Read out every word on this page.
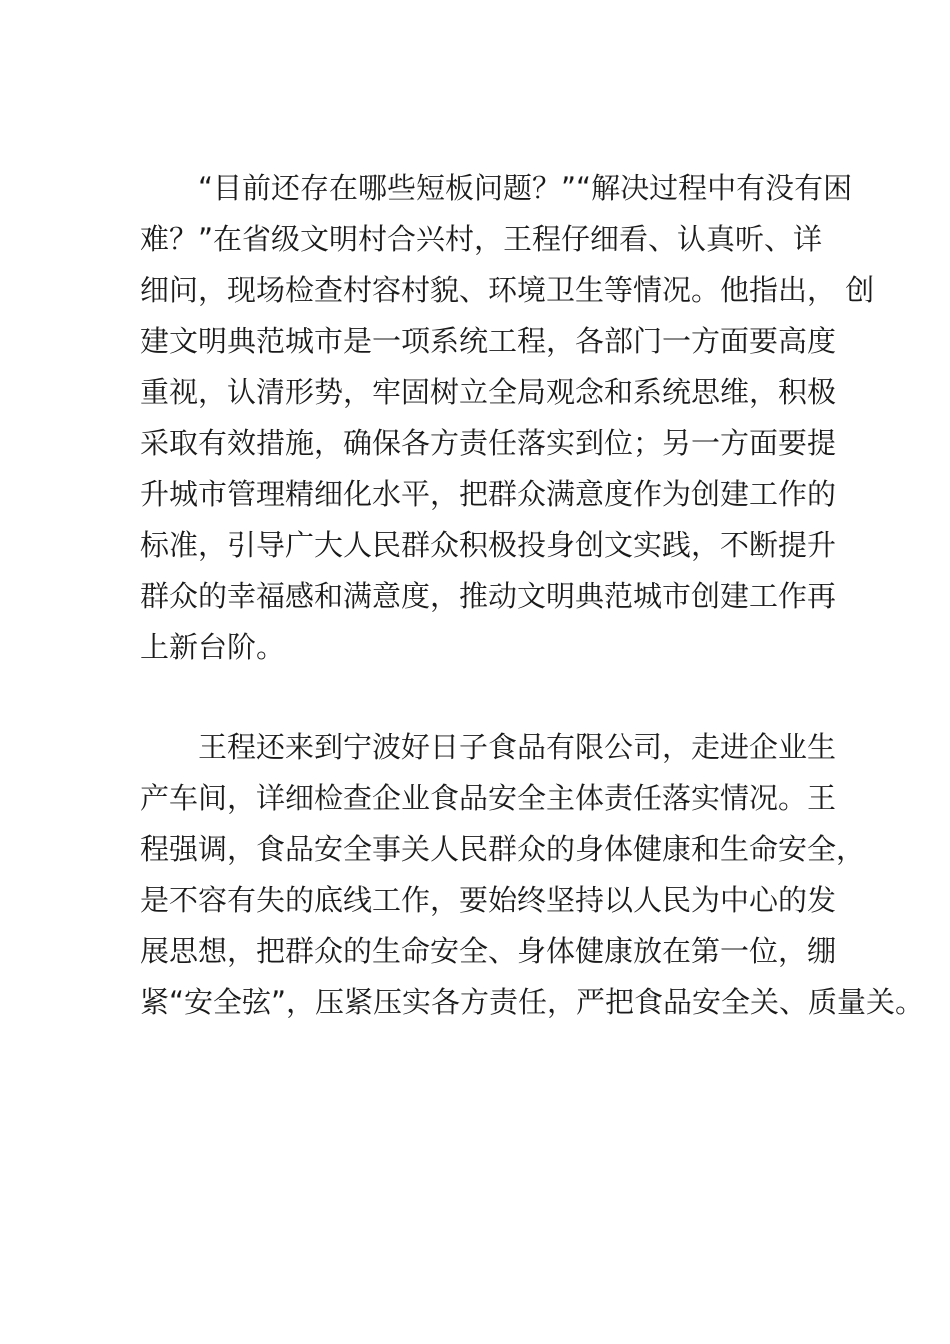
“目前还存在哪些短板问题？”“解决过程中有没有困
难？”在省级文明村合兴村，王程仔细看、认真听、详
细问，现场检查村容村貌、环境卫生等情况。他指出， 创
建文明典范城市是一项系统工程，各部门一方面要高度
重视，认清形势，牢固树立全局观念和系统思维，积极
采取有效措施，确保各方责任落实到位；另一方面要提
升城市管理精细化水平，把群众满意度作为创建工作的
标准，引导广大人民群众积极投身创文实践，不断提升
群众的幸福感和满意度，推动文明典范城市创建工作再
上新台阶。
王程还来到宁波好日子食品有限公司，走进企业生
产车间，详细检查企业食品安全主体责任落实情况。王
程强调，食品安全事关人民群众的身体健康和生命安全，
是不容有失的底线工作，要始终坚持以人民为中心的发
展思想，把群众的生命安全、身体健康放在第一位，绷
紧“安全弦”，压紧压实各方责任，严把食品安全关、质量关。
